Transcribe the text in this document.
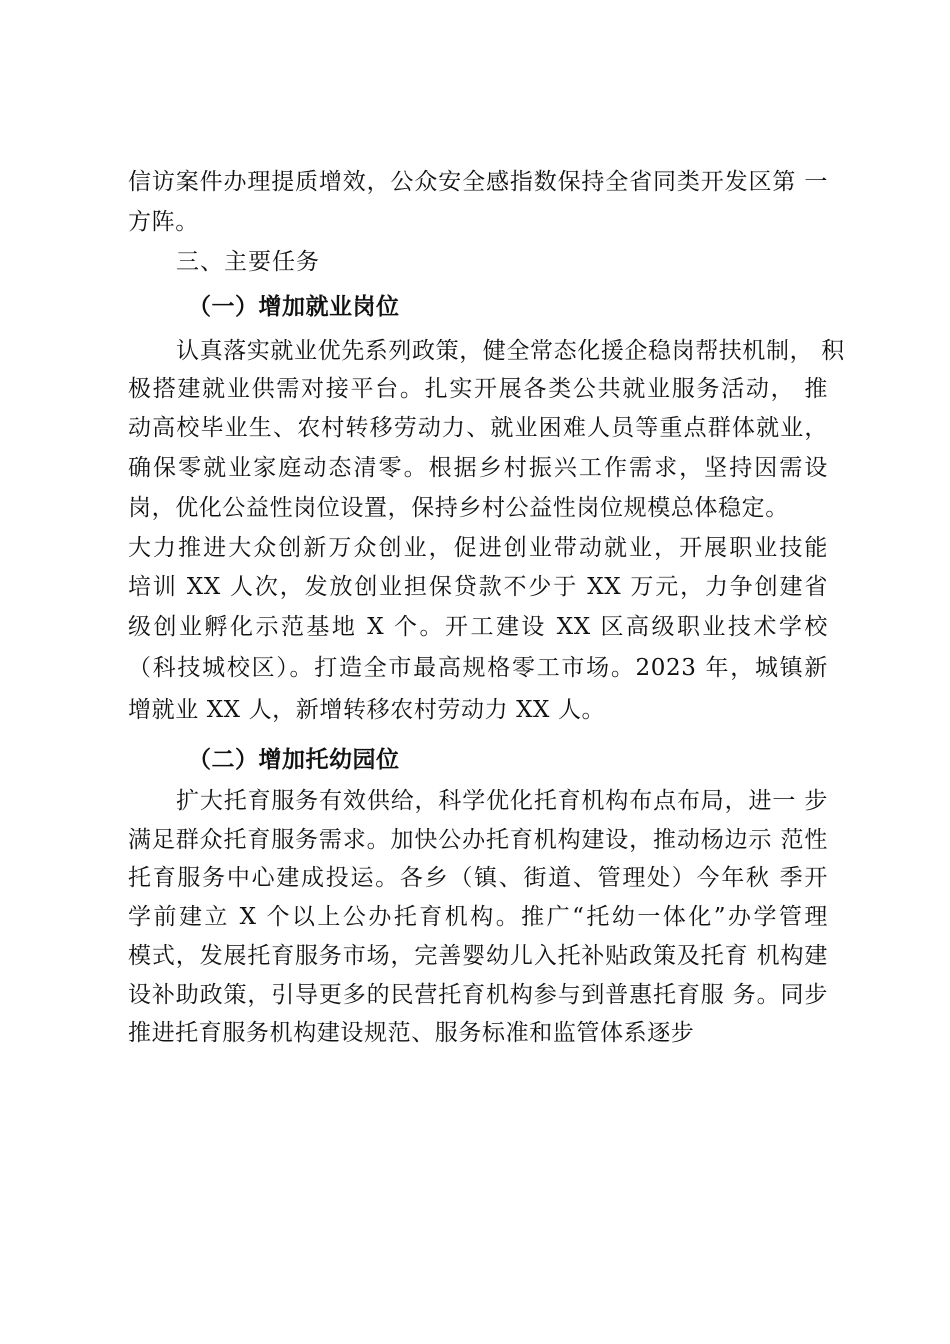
信访案件办理提质增效，公众安全感指数保持全省同类开发区第 一
方阵。
三、主要任务
（一）增加就业岗位
认真落实就业优先系列政策，健全常态化援企稳岗帮扶机制， 积
极搭建就业供需对接平台。扎实开展各类公共就业服务活动， 推
动高校毕业生、农村转移劳动力、就业困难人员等重点群体就业，
确保零就业家庭动态清零。根据乡村振兴工作需求，坚持因需设
岗，优化公益性岗位设置，保持乡村公益性岗位规模总体稳定。
大力推进大众创新万众创业，促进创业带动就业，开展职业技能
培训 XX 人次，发放创业担保贷款不少于 XX 万元，力争创建省
级创业孵化示范基地 X 个。开工建设 XX 区高级职业技术学校
（科技城校区）。打造全市最高规格零工市场。2023 年，城镇新
增就业 XX 人，新增转移农村劳动力 XX 人。
（二）增加托幼园位
扩大托育服务有效供给，科学优化托育机构布点布局，进一 步
满足群众托育服务需求。加快公办托育机构建设，推动杨边示 范性
托育服务中心建成投运。各乡（镇、街道、管理处）今年秋 季开
学前建立 X 个以上公办托育机构。推广“托幼一体化”办学管理
模式，发展托育服务市场，完善婴幼儿入托补贴政策及托育 机构建
设补助政策，引导更多的民营托育机构参与到普惠托育服 务。同步
推进托育服务机构建设规范、服务标准和监管体系逐步
